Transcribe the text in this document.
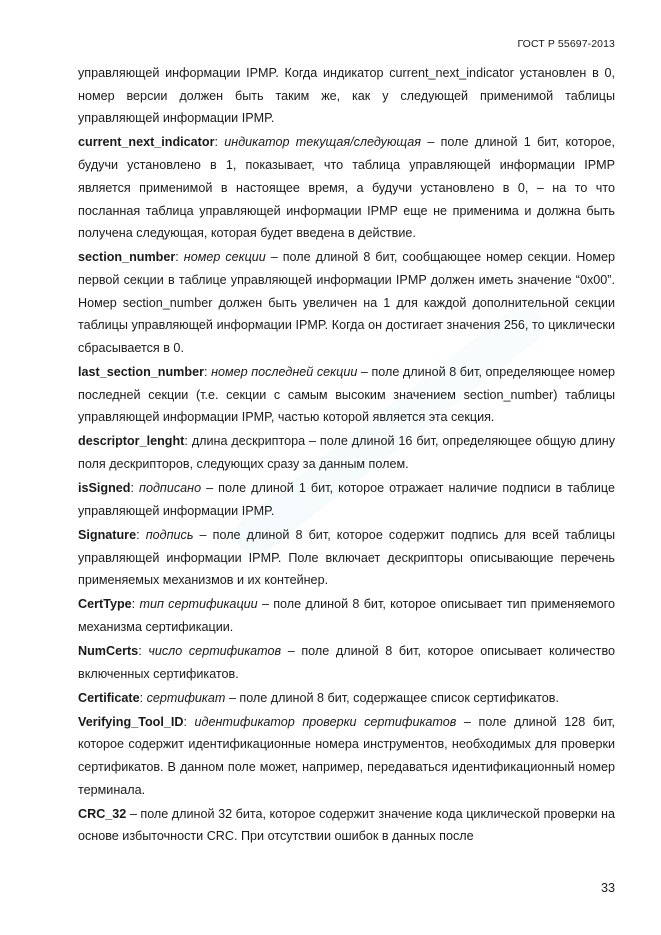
ГОСТ Р 55697-2013

управляющей информации IPMP. Когда индикатор current_next_indicator установлен в 0, номер версии должен быть таким же, как у следующей применимой таблицы управляющей информации IPMP.

current_next_indicator: индикатор текущая/следующая – поле длиной 1 бит, которое, будучи установлено в 1, показывает, что таблица управляющей информации IPMP является применимой в настоящее время, а будучи установлено в 0, – на то что посланная таблица управляющей информации IPMP еще не применима и должна быть получена следующая, которая будет введена в действие.

section_number: номер секции – поле длиной 8 бит, сообщающее номер секции. Номер первой секции в таблице управляющей информации IPMP должен иметь значение “0x00”. Номер section_number должен быть увеличен на 1 для каждой дополнительной секции таблицы управляющей информации IPMP. Когда он достигает значения 256, то циклически сбрасывается в 0.

last_section_number: номер последней секции – поле длиной 8 бит, определяющее номер последней секции (т.е. секции с самым высоким значением section_number) таблицы управляющей информации IPMP, частью которой является эта секция.

descriptor_lenght: длина дескриптора – поле длиной 16 бит, определяющее общую длину поля дескрипторов, следующих сразу за данным полем.

isSigned: подписано – поле длиной 1 бит, которое отражает наличие подписи в таблице управляющей информации IPMP.

Signature: подпись – поле длиной 8 бит, которое содержит подпись для всей таблицы управляющей информации IPMP. Поле включает дескрипторы описывающие перечень применяемых механизмов и их контейнер.

CertType: тип сертификации – поле длиной 8 бит, которое описывает тип применяемого механизма сертификации.

NumCerts: число сертификатов – поле длиной 8 бит, которое описывает количество включенных сертификатов.

Certificate: сертификат – поле длиной 8 бит, содержащее список сертификатов.

Verifying_Tool_ID: идентификатор проверки сертификатов – поле длиной 128 бит, которое содержит идентификационные номера инструментов, необходимых для проверки сертификатов. В данном поле может, например, передаваться идентификационный номер терминала.

CRC_32 – поле длиной 32 бита, которое содержит значение кода циклической проверки на основе избыточности CRC. При отсутствии ошибок в данных после

33
